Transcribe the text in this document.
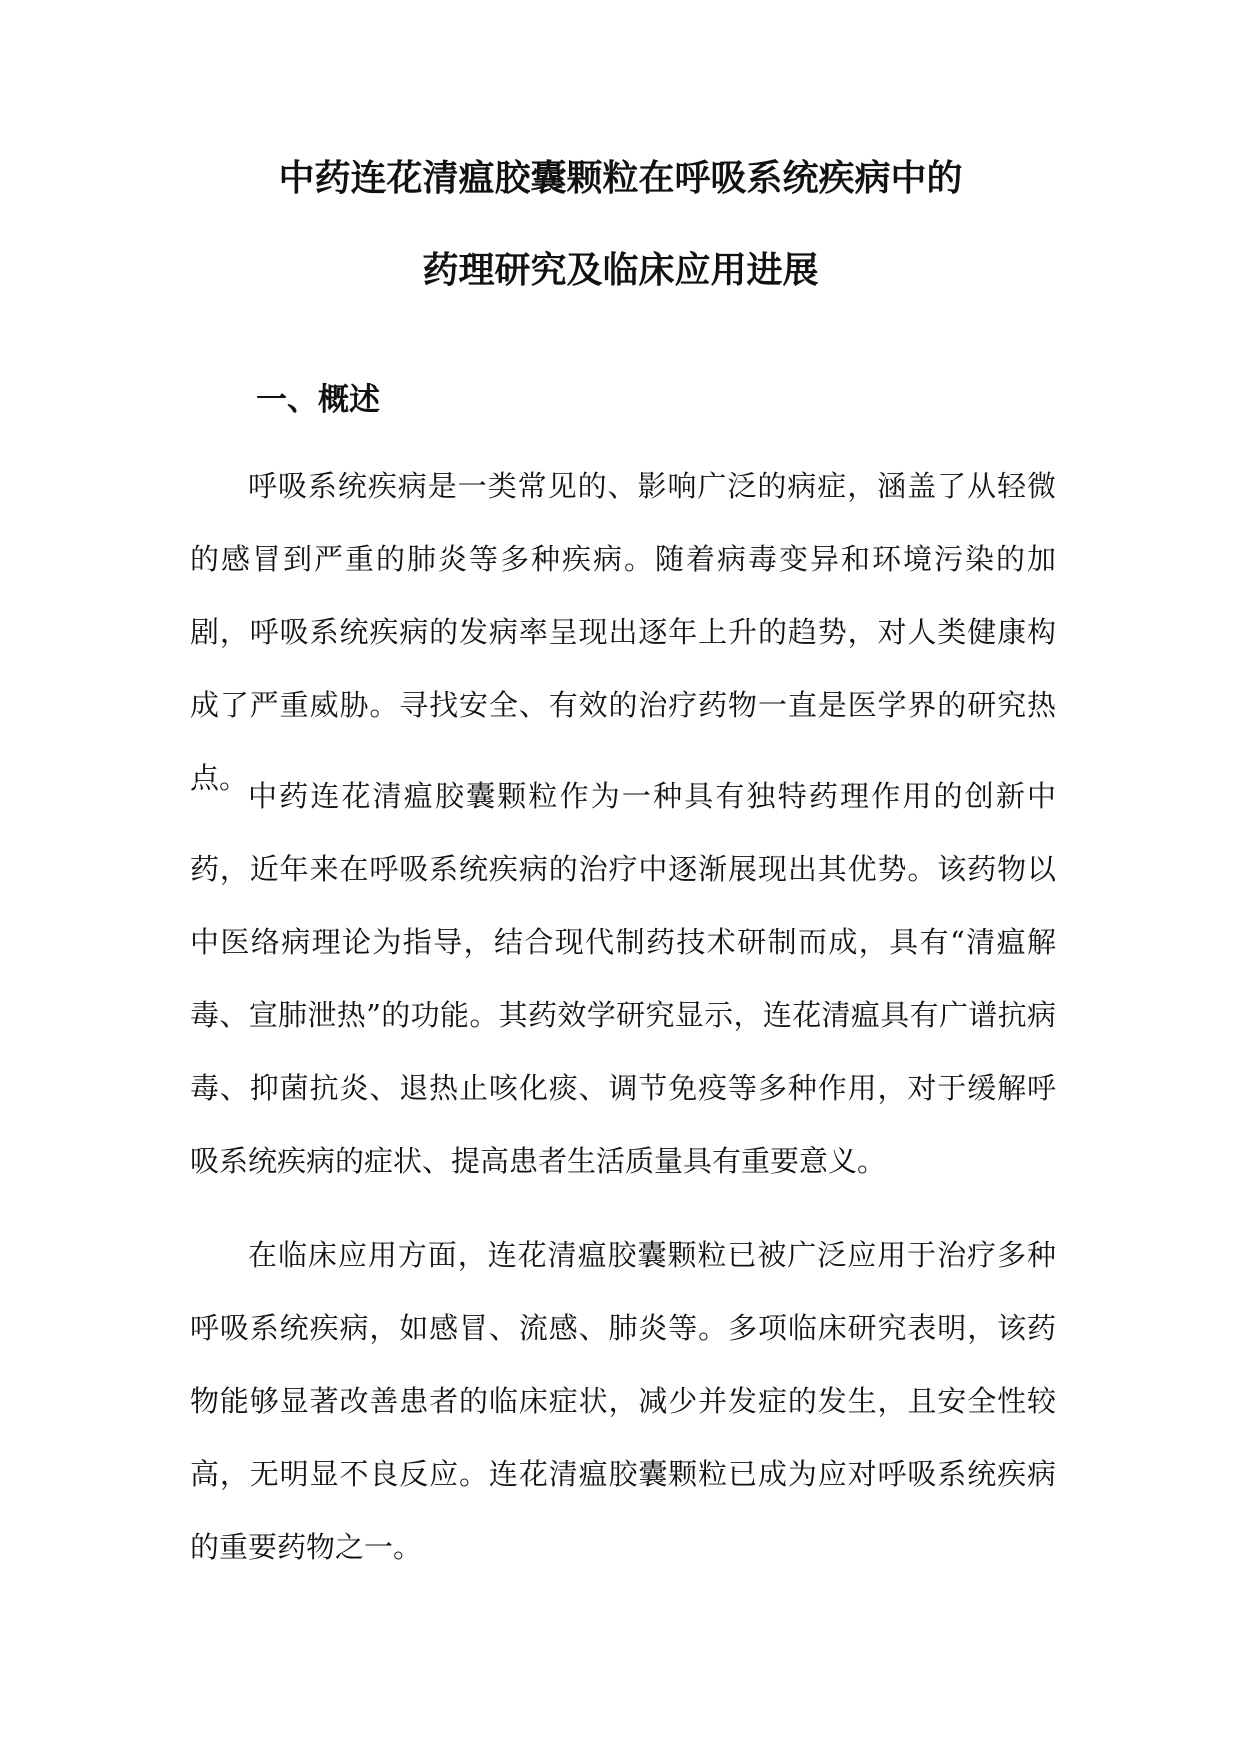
中药连花清瘟胶囊颗粒在呼吸系统疾病中的
药理研究及临床应用进展
一、概述

呼吸系统疾病是一类常见的、影响广泛的病症，涵盖了从轻微的感冒到严重的肺炎等多种疾病。随着病毒变异和环境污染的加剧，呼吸系统疾病的发病率呈现出逐年上升的趋势，对人类健康构成了严重威胁。寻找安全、有效的治疗药物一直是医学界的研究热点。

中药连花清瘟胶囊颗粒作为一种具有独特药理作用的创新中药，近年来在呼吸系统疾病的治疗中逐渐展现出其优势。该药物以中医络病理论为指导，结合现代制药技术研制而成，具有“清瘟解毒、宣肺泄热”的功能。其药效学研究显示，连花清瘟具有广谱抗病毒、抑菌抗炎、退热止咳化痰、调节免疫等多种作用，对于缓解呼吸系统疾病的症状、提高患者生活质量具有重要意义。

在临床应用方面，连花清瘟胶囊颗粒已被广泛应用于治疗多种呼吸系统疾病，如感冒、流感、肺炎等。多项临床研究表明，该药物能够显著改善患者的临床症状，减少并发症的发生，且安全性较高，无明显不良反应。连花清瘟胶囊颗粒已成为应对呼吸系统疾病的重要药物之一。
